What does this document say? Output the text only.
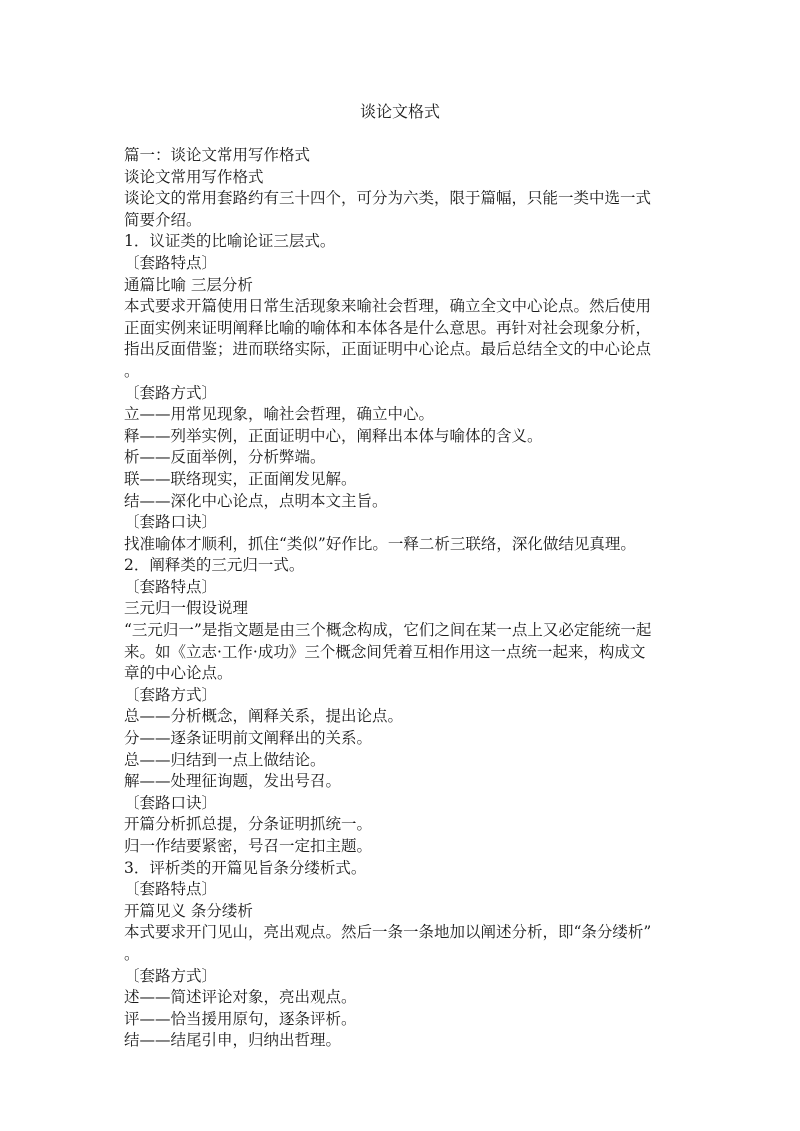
谈论文格式

篇一：谈论文常用写作格式

谈论文常用写作格式

谈论文的常用套路约有三十四个，可分为六类，限于篇幅，只能一类中选一式

简要介绍。

1．议证类的比喻论证三层式。

〔套路特点〕

通篇比喻 三层分析

本式要求开篇使用日常生活现象来喻社会哲理，确立全文中心论点。然后使用

正面实例来证明阐释比喻的喻体和本体各是什么意思。再针对社会现象分析，

指出反面借鉴；进而联络实际，正面证明中心论点。最后总结全文的中心论点

。

〔套路方式〕

立——用常见现象，喻社会哲理，确立中心。

释——列举实例，正面证明中心，阐释出本体与喻体的含义。

析——反面举例，分析弊端。

联——联络现实，正面阐发见解。

结——深化中心论点，点明本文主旨。

〔套路口诀〕

找准喻体才顺利，抓住“类似”好作比。一释二析三联络，深化做结见真理。

2．阐释类的三元归一式。

〔套路特点〕

三元归一假设说理

“三元归一”是指文题是由三个概念构成，它们之间在某一点上又必定能统一起

来。如《立志·工作·成功》三个概念间凭着互相作用这一点统一起来，构成文

章的中心论点。

〔套路方式〕

总——分析概念，阐释关系，提出论点。

分——逐条证明前文阐释出的关系。

总——归结到一点上做结论。

解——处理征询题，发出号召。

〔套路口诀〕

开篇分析抓总提，分条证明抓统一。

归一作结要紧密，号召一定扣主题。

3．评析类的开篇见旨条分缕析式。

〔套路特点〕

开篇见义 条分缕析

本式要求开门见山，亮出观点。然后一条一条地加以阐述分析，即“条分缕析”

。

〔套路方式〕

述——简述评论对象，亮出观点。

评——恰当援用原句，逐条评析。

结——结尾引申，归纳出哲理。
